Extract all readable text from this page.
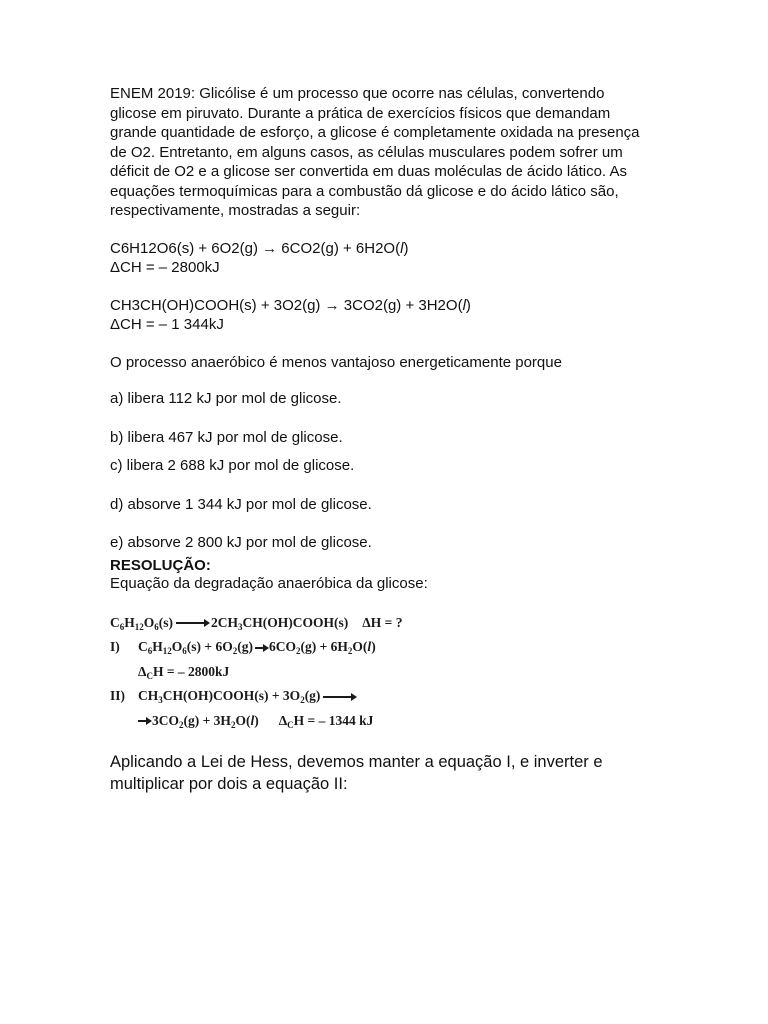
ENEM 2019: Glicólise é um processo que ocorre nas células, convertendo glicose em piruvato. Durante a prática de exercícios físicos que demandam grande quantidade de esforço, a glicose é completamente oxidada na presença de O2. Entretanto, em alguns casos, as células musculares podem sofrer um déficit de O2 e a glicose ser convertida em duas moléculas de ácido lático. As equações termoquímicas para a combustão dá glicose e do ácido lático são, respectivamente, mostradas a seguir:

C6H12O6(s) + 6O2(g) → 6CO2(g) + 6H2O(l)

ΔCH = – 2800kJ

CH3CH(OH)COOH(s) + 3O2(g) → 3CO2(g) + 3H2O(l)

ΔCH = – 1 344kJ

O processo anaeróbico é menos vantajoso energeticamente porque

a) libera 112 kJ por mol de glicose.

b) libera 467 kJ por mol de glicose.

c) libera 2 688 kJ por mol de glicose.

d) absorve 1 344 kJ por mol de glicose.

e) absorve 2 800 kJ por mol de glicose.

RESOLUÇÃO:

Equação da degradação anaeróbica da glicose:

$C_6H_{12}O_6(s)$ → $2CH_3CH(OH)COOH(s) \Delta H$ = ?
I) $C_6H_{12}O_6(s) + 6O_2(g) 6CO_2(g) + 6H_2O(l)$
$\Delta_CH$ = – 2800kJ
II) $CH_3CH(OH)COOH(s) + 3O_2(g)$ →
$3CO_2(g) + 3H_2O(l) \Delta_CH$ = – 1344 kJ

Aplicando a Lei de Hess, devemos manter a equação I, e inverter e multiplicar por dois a equação II:
